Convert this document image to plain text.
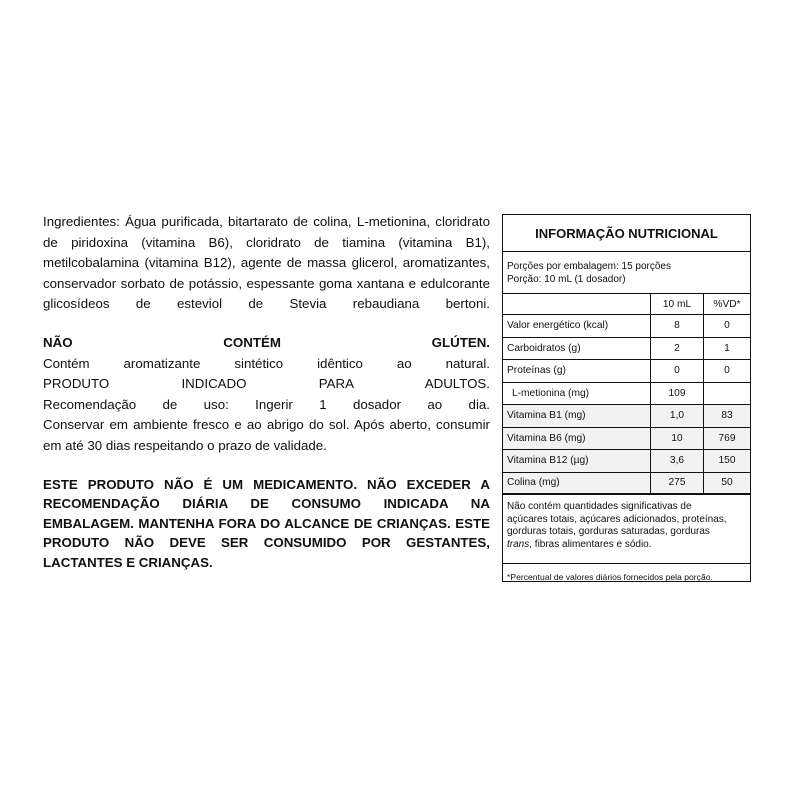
Ingredientes: Água purificada, bitartarato de colina, L-metionina, cloridrato
de piridoxina (vitamina B6), cloridrato de tiamina (vitamina B1),
metilcobalamina (vitamina B12), agente de massa glicerol, aromatizantes,
conservador sorbato de potássio, espessante goma xantana e edulcorante
glicosídeos de esteviol de Stevia rebaudiana bertoni.
NÃO CONTÉM GLÚTEN.
Contém aromatizante sintético idêntico ao natural.
PRODUTO INDICADO PARA ADULTOS.
Recomendação de uso: Ingerir 1 dosador ao dia.
Conservar em ambiente fresco e ao abrigo do sol. Após aberto, consumir
em até 30 dias respeitando o prazo de validade.
ESTE PRODUTO NÃO É UM MEDICAMENTO. NÃO EXCEDER A
RECOMENDAÇÃO DIÁRIA DE CONSUMO INDICADA NA
EMBALAGEM. MANTENHA FORA DO ALCANCE DE CRIANÇAS. ESTE
PRODUTO NÃO DEVE SER CONSUMIDO POR GESTANTES,
LACTANTES E CRIANÇAS.
INFORMAÇÃO NUTRICIONAL
Porções por embalagem: 15 porções
Porção: 10 mL (1 dosador)
10 mL	%VD*
Valor energético (kcal)	8	0
Carboidratos (g)	2	1
Proteínas (g)	0	0
L-metionina (mg)	109
Vitamina B1 (mg)	1,0	83
Vitamina B6 (mg)	10	769
Vitamina B12 (µg)	3,6	150
Colina (mg)	275	50
Não contém quantidades significativas de
açúcares totais, açúcares adicionados, proteínas,
gorduras totais, gorduras saturadas, gorduras
trans, fibras alimentares e sódio.
*Percentual de valores diários fornecidos pela porção.
